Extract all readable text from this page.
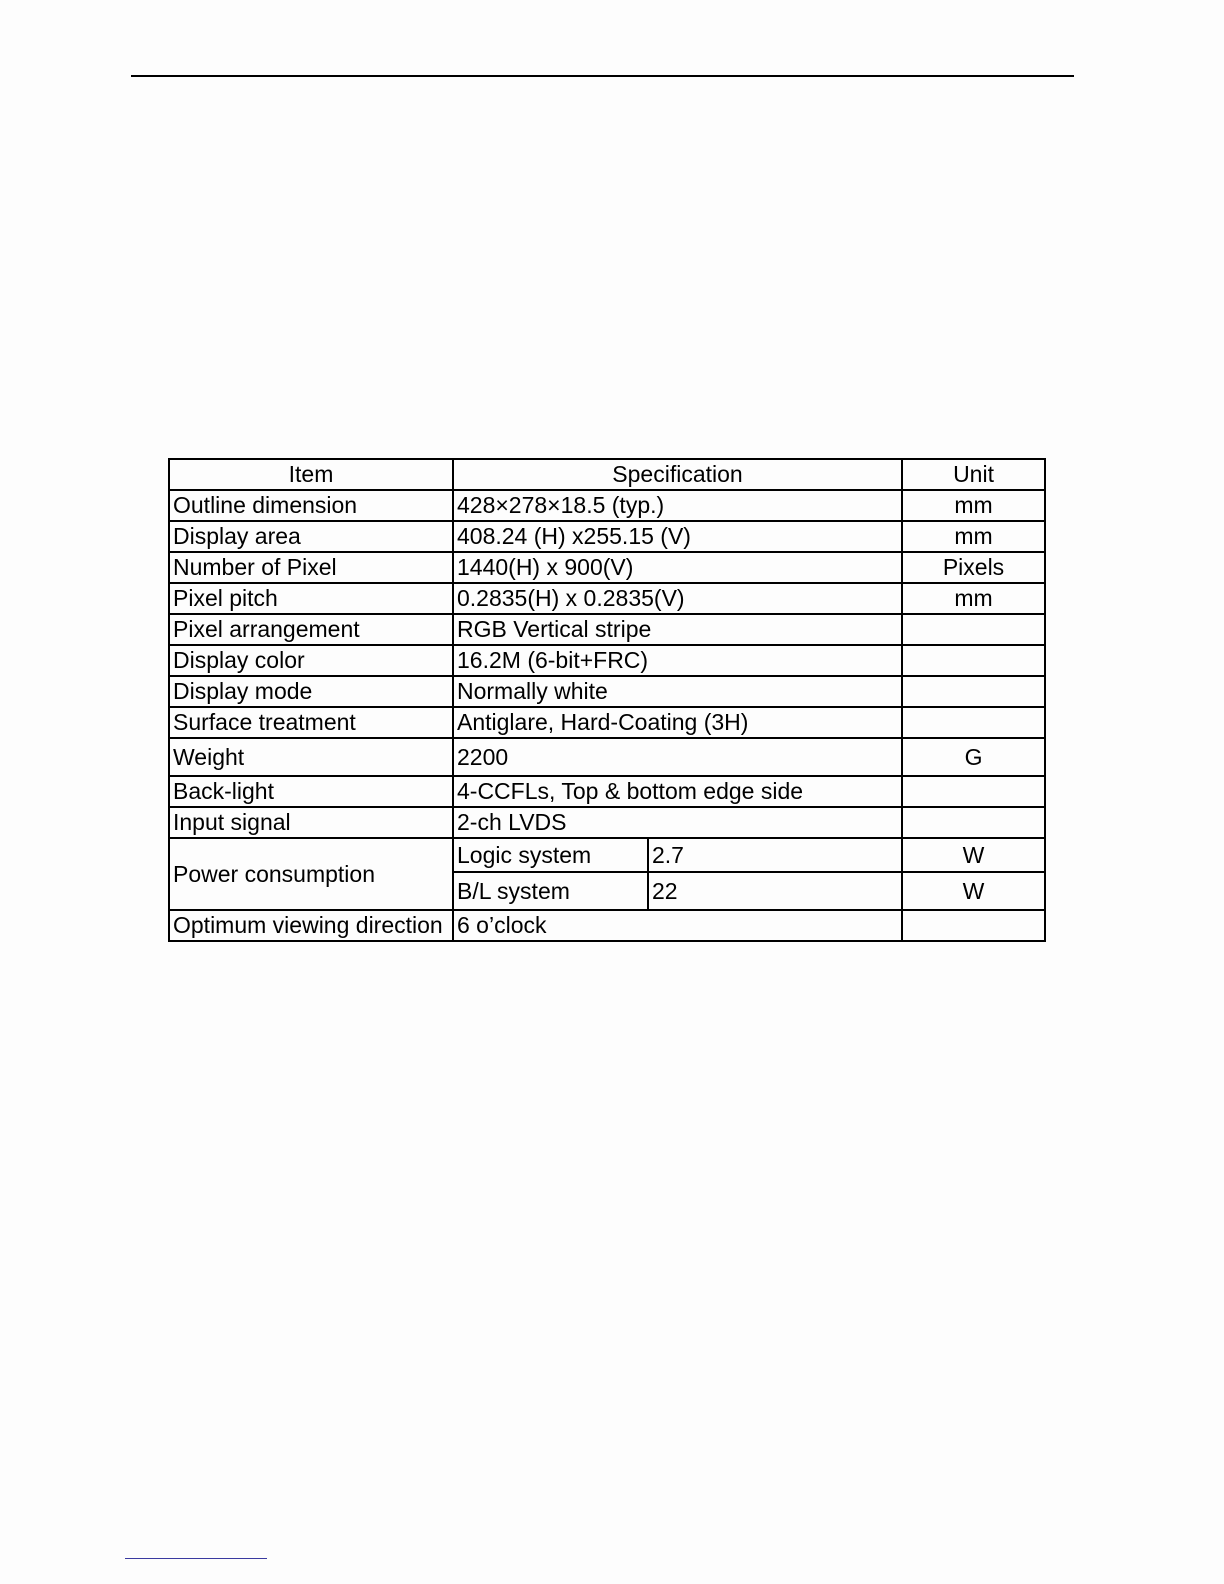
Item	Specification		Unit
Outline dimension	428×278×18.5 (typ.)		mm
Display area	408.24 (H) x255.15 (V)		mm
Number of Pixel	1440(H) x 900(V)		Pixels
Pixel pitch	0.2835(H) x 0.2835(V)		mm
Pixel arrangement	RGB Vertical stripe		
Display color	16.2M (6-bit+FRC)		
Display mode	Normally white		
Surface treatment	Antiglare, Hard-Coating (3H)		
Weight	2200		G
Back-light	4-CCFLs, Top & bottom edge side		
Input signal	2-ch LVDS		
Power consumption	Logic system	2.7	W
	B/L system	22	W
Optimum viewing direction	6 o’clock		
